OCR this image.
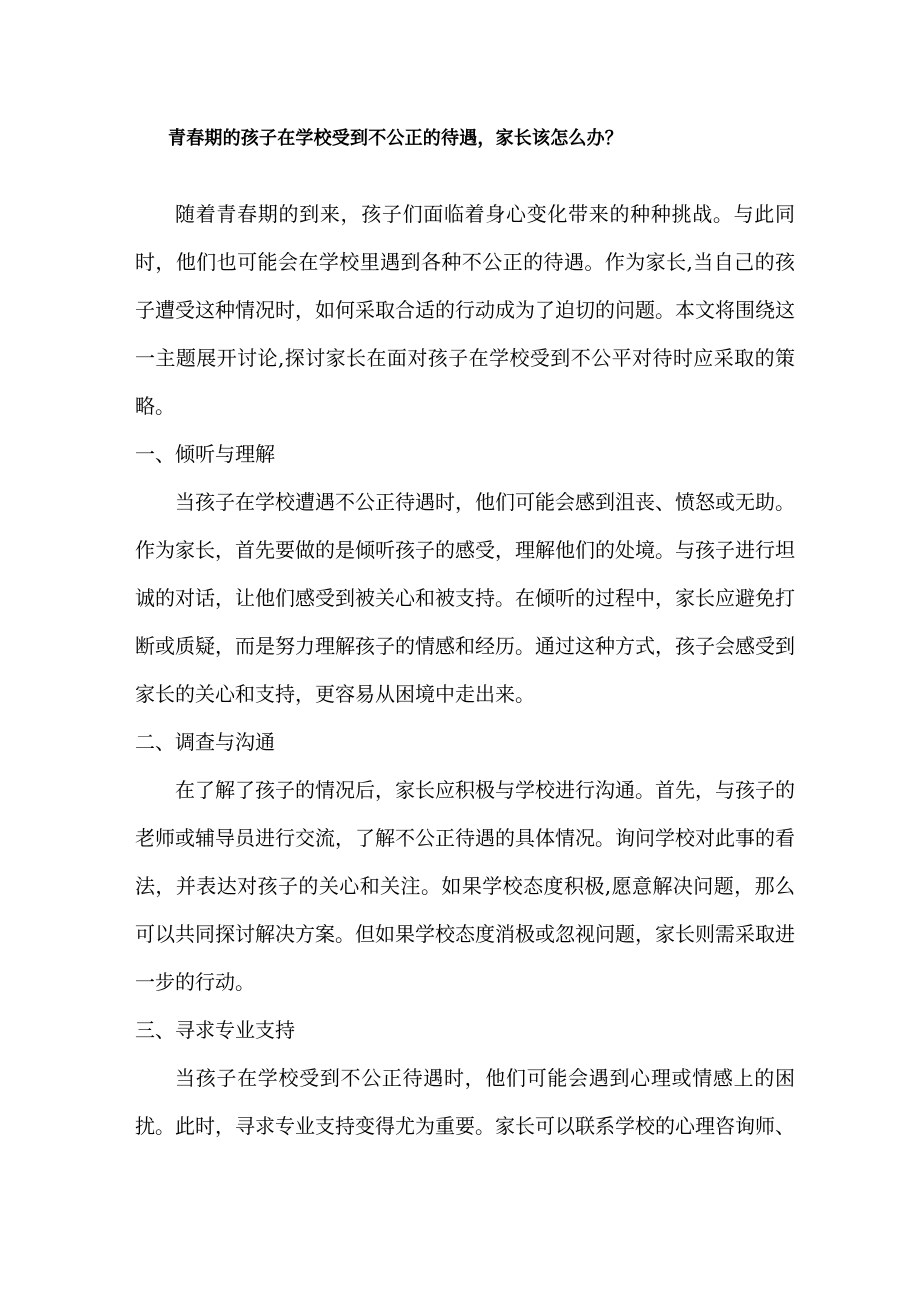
青春期的孩子在学校受到不公正的待遇，家长该怎么办？

随着青春期的到来，孩子们面临着身心变化带来的种种挑战。与此同时，他们也可能会在学校里遇到各种不公正的待遇。作为家长,当自己的孩子遭受这种情况时，如何采取合适的行动成为了迫切的问题。本文将围绕这一主题展开讨论,探讨家长在面对孩子在学校受到不公平对待时应采取的策略。

一、倾听与理解

当孩子在学校遭遇不公正待遇时，他们可能会感到沮丧、愤怒或无助。作为家长，首先要做的是倾听孩子的感受，理解他们的处境。与孩子进行坦诚的对话，让他们感受到被关心和被支持。在倾听的过程中，家长应避免打断或质疑，而是努力理解孩子的情感和经历。通过这种方式，孩子会感受到家长的关心和支持，更容易从困境中走出来。

二、调查与沟通

在了解了孩子的情况后，家长应积极与学校进行沟通。首先，与孩子的老师或辅导员进行交流，了解不公正待遇的具体情况。询问学校对此事的看法，并表达对孩子的关心和关注。如果学校态度积极,愿意解决问题，那么可以共同探讨解决方案。但如果学校态度消极或忽视问题，家长则需采取进一步的行动。

三、寻求专业支持

当孩子在学校受到不公正待遇时，他们可能会遇到心理或情感上的困扰。此时，寻求专业支持变得尤为重要。家长可以联系学校的心理咨询师、
